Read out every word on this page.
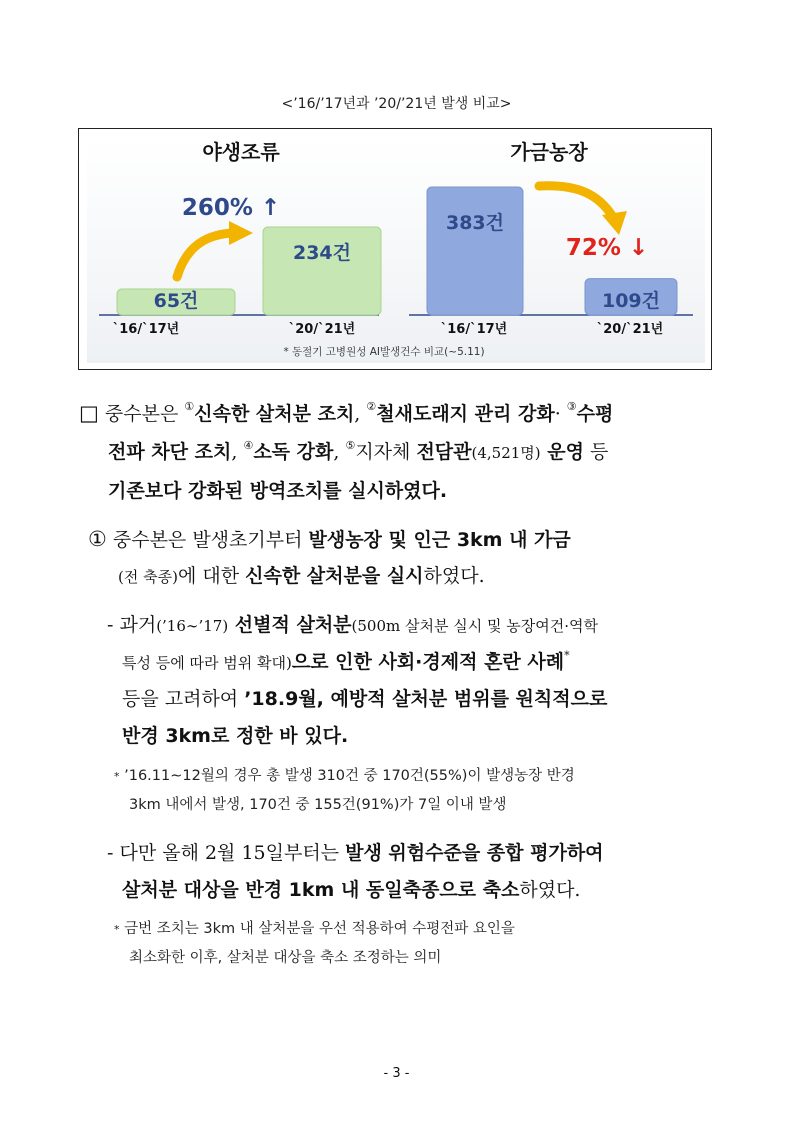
<’16/’17년과 ’20/’21년 발생 비교>
야생조류	가금농장
65건
234건
383건
109건
260% ↑
72% ↓
`16/`17년	`20/`21년	`16/`17년	`20/`21년
* 동절기 고병원성 AI발생건수 비교(~5.11)
□ 중수본은 ①신속한 살처분 조치, ②철새도래지 관리 강화· ③수평
전파 차단 조치, ④소독 강화, ⑤지자체 전담관(4,521명) 운영 등
기존보다 강화된 방역조치를 실시하였다.
① 중수본은 발생초기부터 발생농장 및 인근 3km 내 가금
(전 축종)에 대한 신속한 살처분을 실시하였다.
- 과거(’16∼’17) 선별적 살처분(500m 살처분 실시 및 농장여건·역학
특성 등에 따라 범위 확대)으로 인한 사회·경제적 혼란 사례*
등을 고려하여 ’18.9월, 예방적 살처분 범위를 원칙적으로
반경 3km로 정한 바 있다.
* ’16.11∼12월의 경우 총 발생 310건 중 170건(55%)이 발생농장 반경
3km 내에서 발생, 170건 중 155건(91%)가 7일 이내 발생
- 다만 올해 2월 15일부터는 발생 위험수준을 종합 평가하여
살처분 대상을 반경 1km 내 동일축종으로 축소하였다.
* 금번 조치는 3km 내 살처분을 우선 적용하여 수평전파 요인을
최소화한 이후, 살처분 대상을 축소 조정하는 의미
- 3 -
